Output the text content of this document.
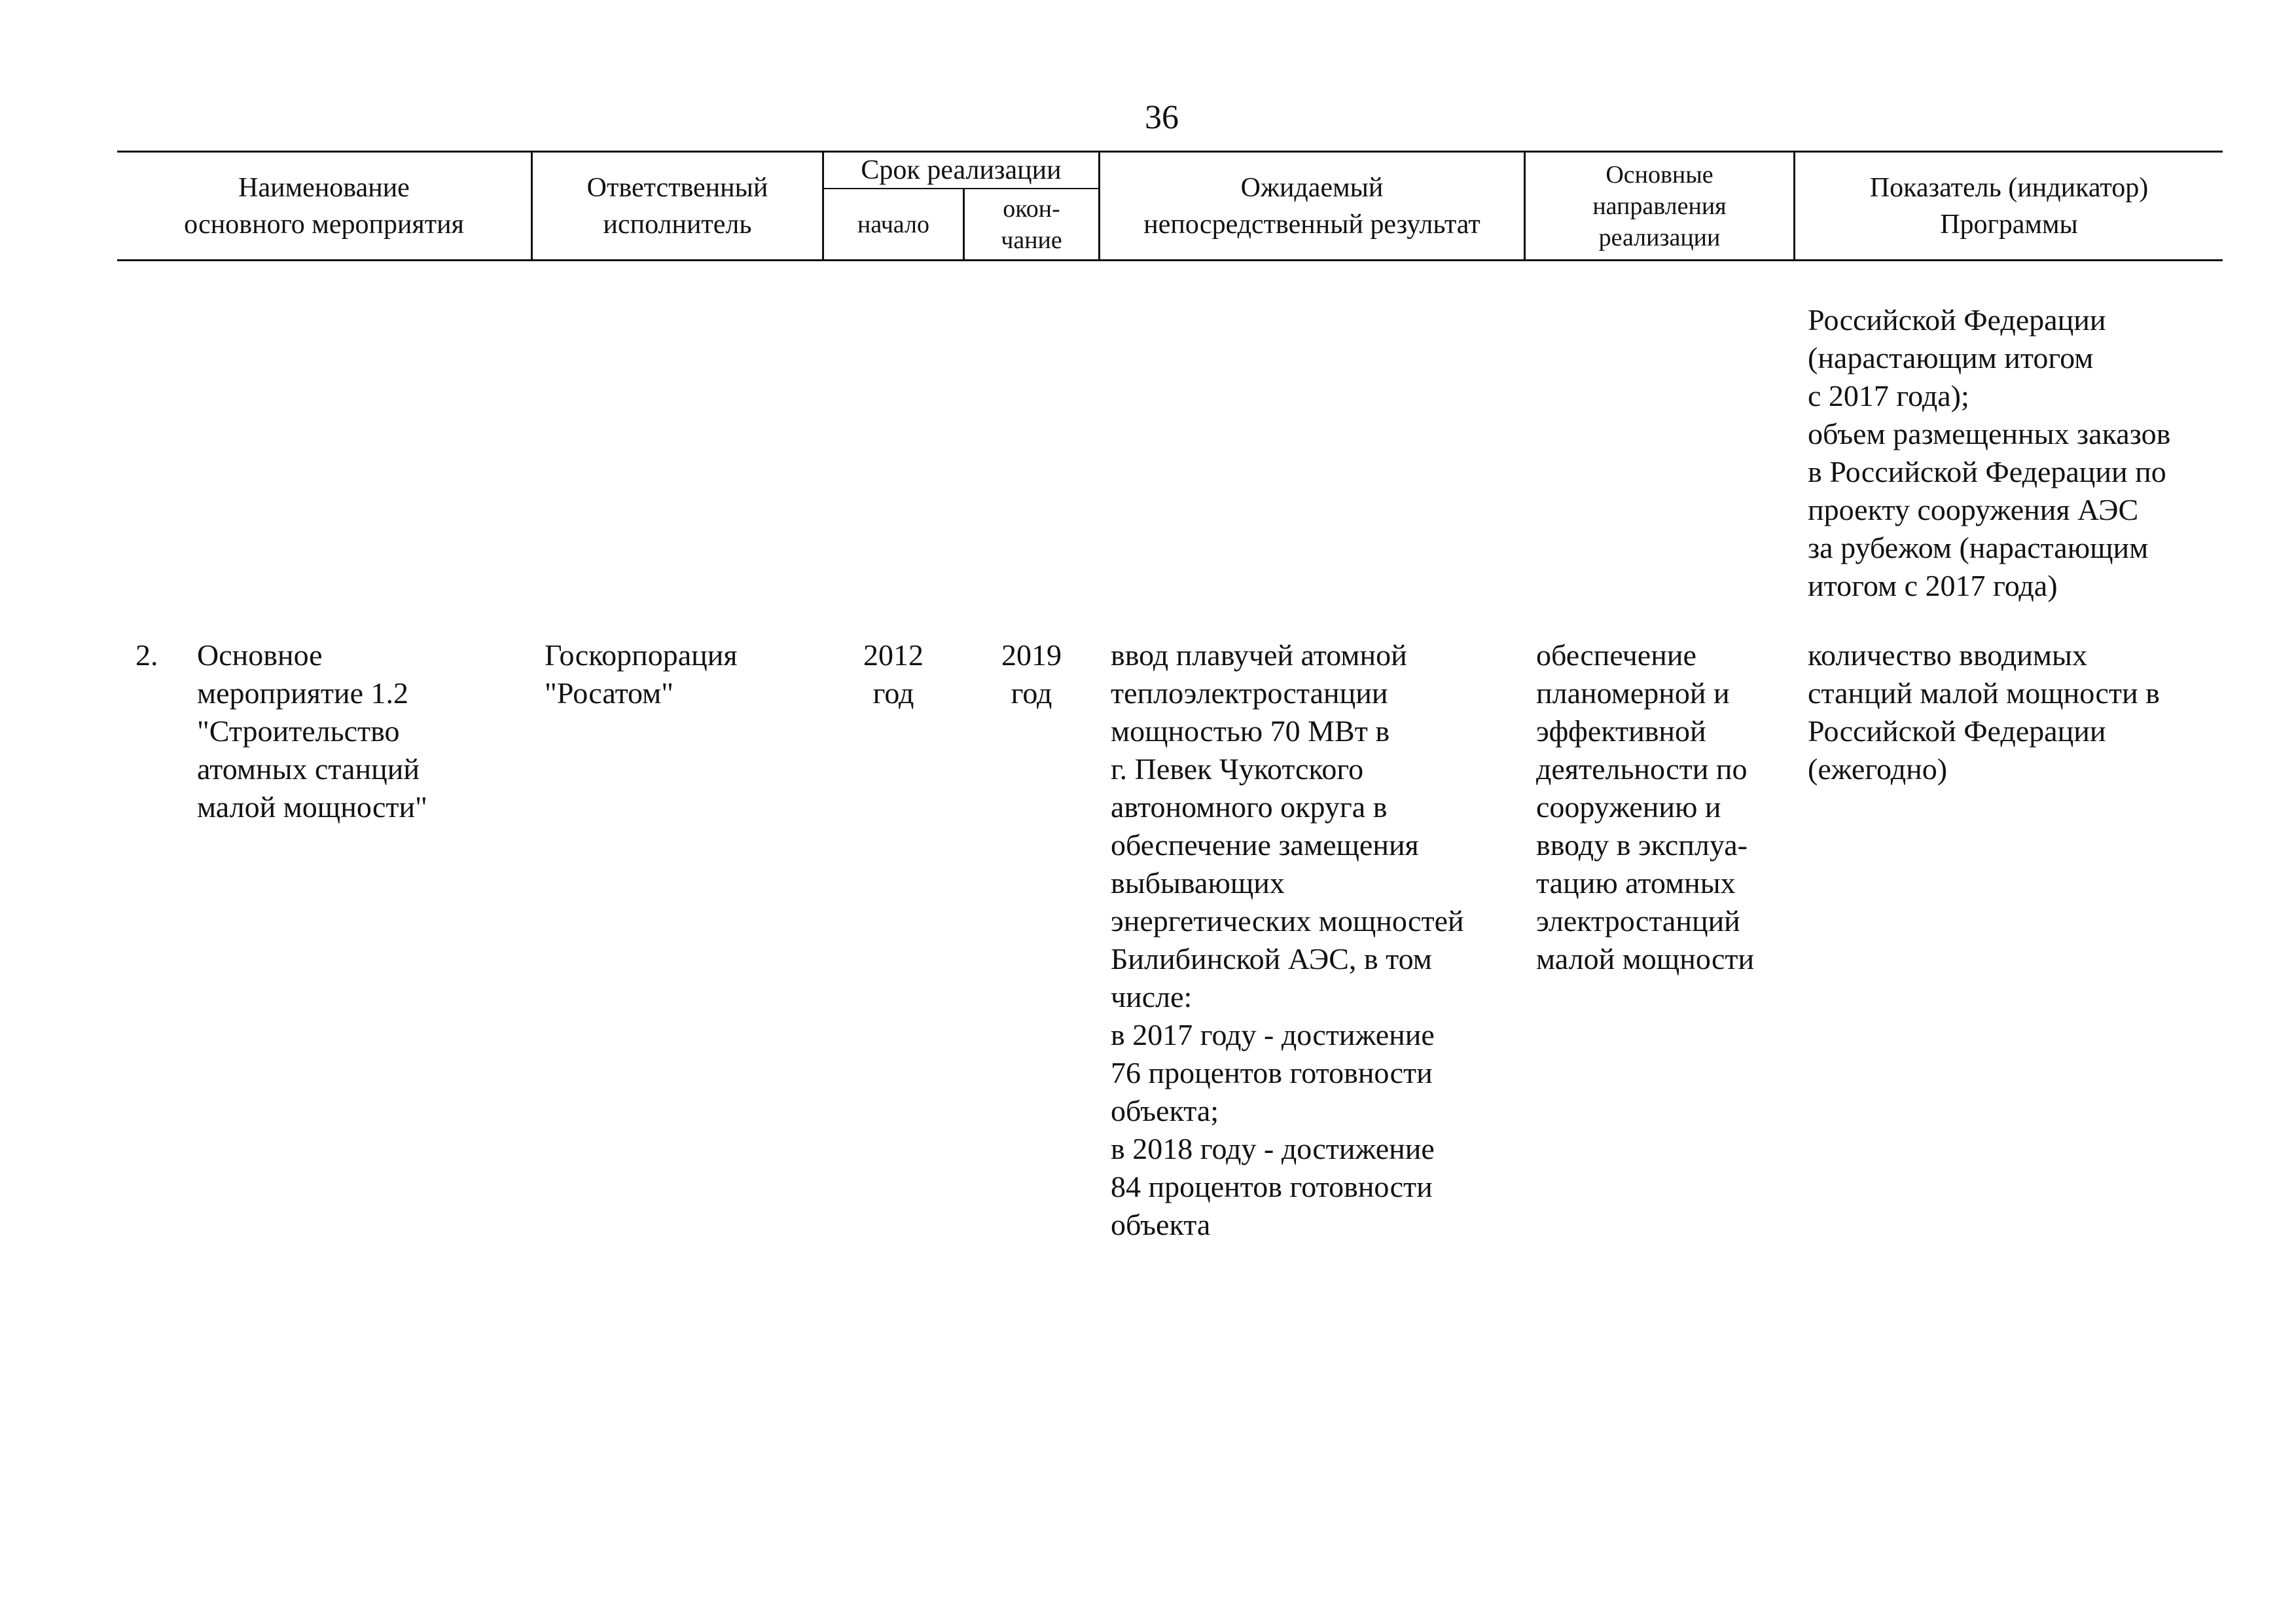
36
Наименование
основного мероприятия
Ответственный
исполнитель
Срок реализации
начало
окон-
чание
Ожидаемый
непосредственный результат
Основные
направления
реализации
Показатель (индикатор)
Программы
Российской Федерации
(нарастающим итогом
с 2017 года);
объем размещенных заказов
в Российской Федерации по
проекту сооружения АЭС
за рубежом (нарастающим
итогом с 2017 года)
2. Основное
мероприятие 1.2
"Строительство
атомных станций
малой мощности"
Госкорпорация
"Росатом"
2012
год
2019
год
ввод плавучей атомной
теплоэлектростанции
мощностью 70 МВт в
г. Певек Чукотского
автономного округа в
обеспечение замещения
выбывающих
энергетических мощностей
Билибинской АЭС, в том
числе:
в 2017 году - достижение
76 процентов готовности
объекта;
в 2018 году - достижение
84 процентов готовности
объекта
обеспечение
планомерной и
эффективной
деятельности по
сооружению и
вводу в эксплуа-
тацию атомных
электростанций
малой мощности
количество вводимых
станций малой мощности в
Российской Федерации
(ежегодно)
